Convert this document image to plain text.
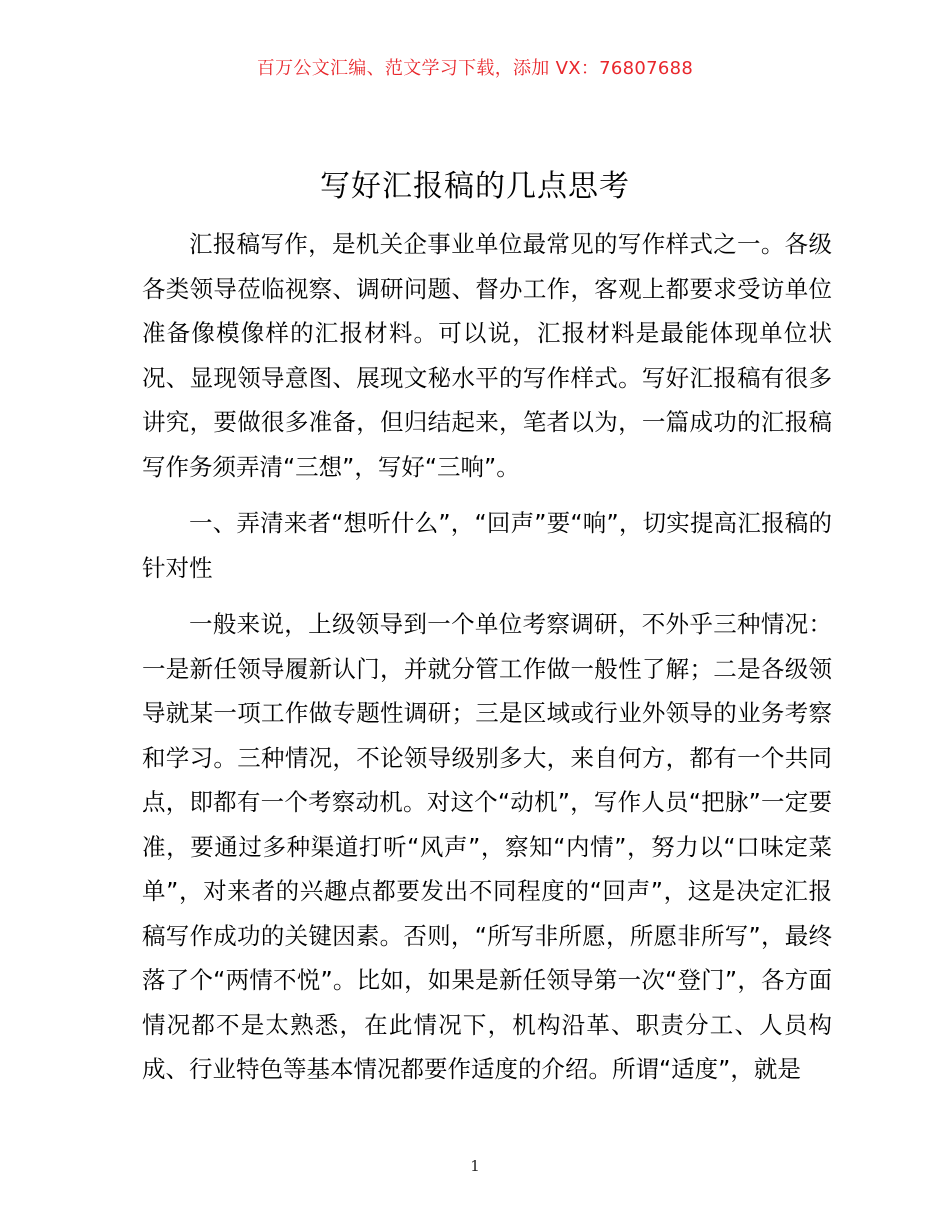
百万公文汇编、范文学习下载，添加 VX：76807688
写好汇报稿的几点思考

汇报稿写作，是机关企事业单位最常见的写作样式之一。各级各类领导莅临视察、调研问题、督办工作，客观上都要求受访单位准备像模像样的汇报材料。可以说，汇报材料是最能体现单位状况、显现领导意图、展现文秘水平的写作样式。写好汇报稿有很多讲究，要做很多准备，但归结起来，笔者以为，一篇成功的汇报稿写作务须弄清“三想”，写好“三响”。

一、弄清来者“想听什么”，“回声”要“响”，切实提高汇报稿的针对性

一般来说，上级领导到一个单位考察调研，不外乎三种情况：一是新任领导履新认门，并就分管工作做一般性了解；二是各级领导就某一项工作做专题性调研；三是区域或行业外领导的业务考察和学习。三种情况，不论领导级别多大，来自何方，都有一个共同点，即都有一个考察动机。对这个“动机”，写作人员“把脉”一定要准，要通过多种渠道打听“风声”，察知“内情”，努力以“口味定菜单”，对来者的兴趣点都要发出不同程度的“回声”，这是决定汇报稿写作成功的关键因素。否则，“所写非所愿，所愿非所写”，最终落了个“两情不悦”。比如，如果是新任领导第一次“登门”，各方面情况都不是太熟悉，在此情况下，机构沿革、职责分工、人员构成、行业特色等基本情况都要作适度的介绍。所谓“适度”，就是

1
